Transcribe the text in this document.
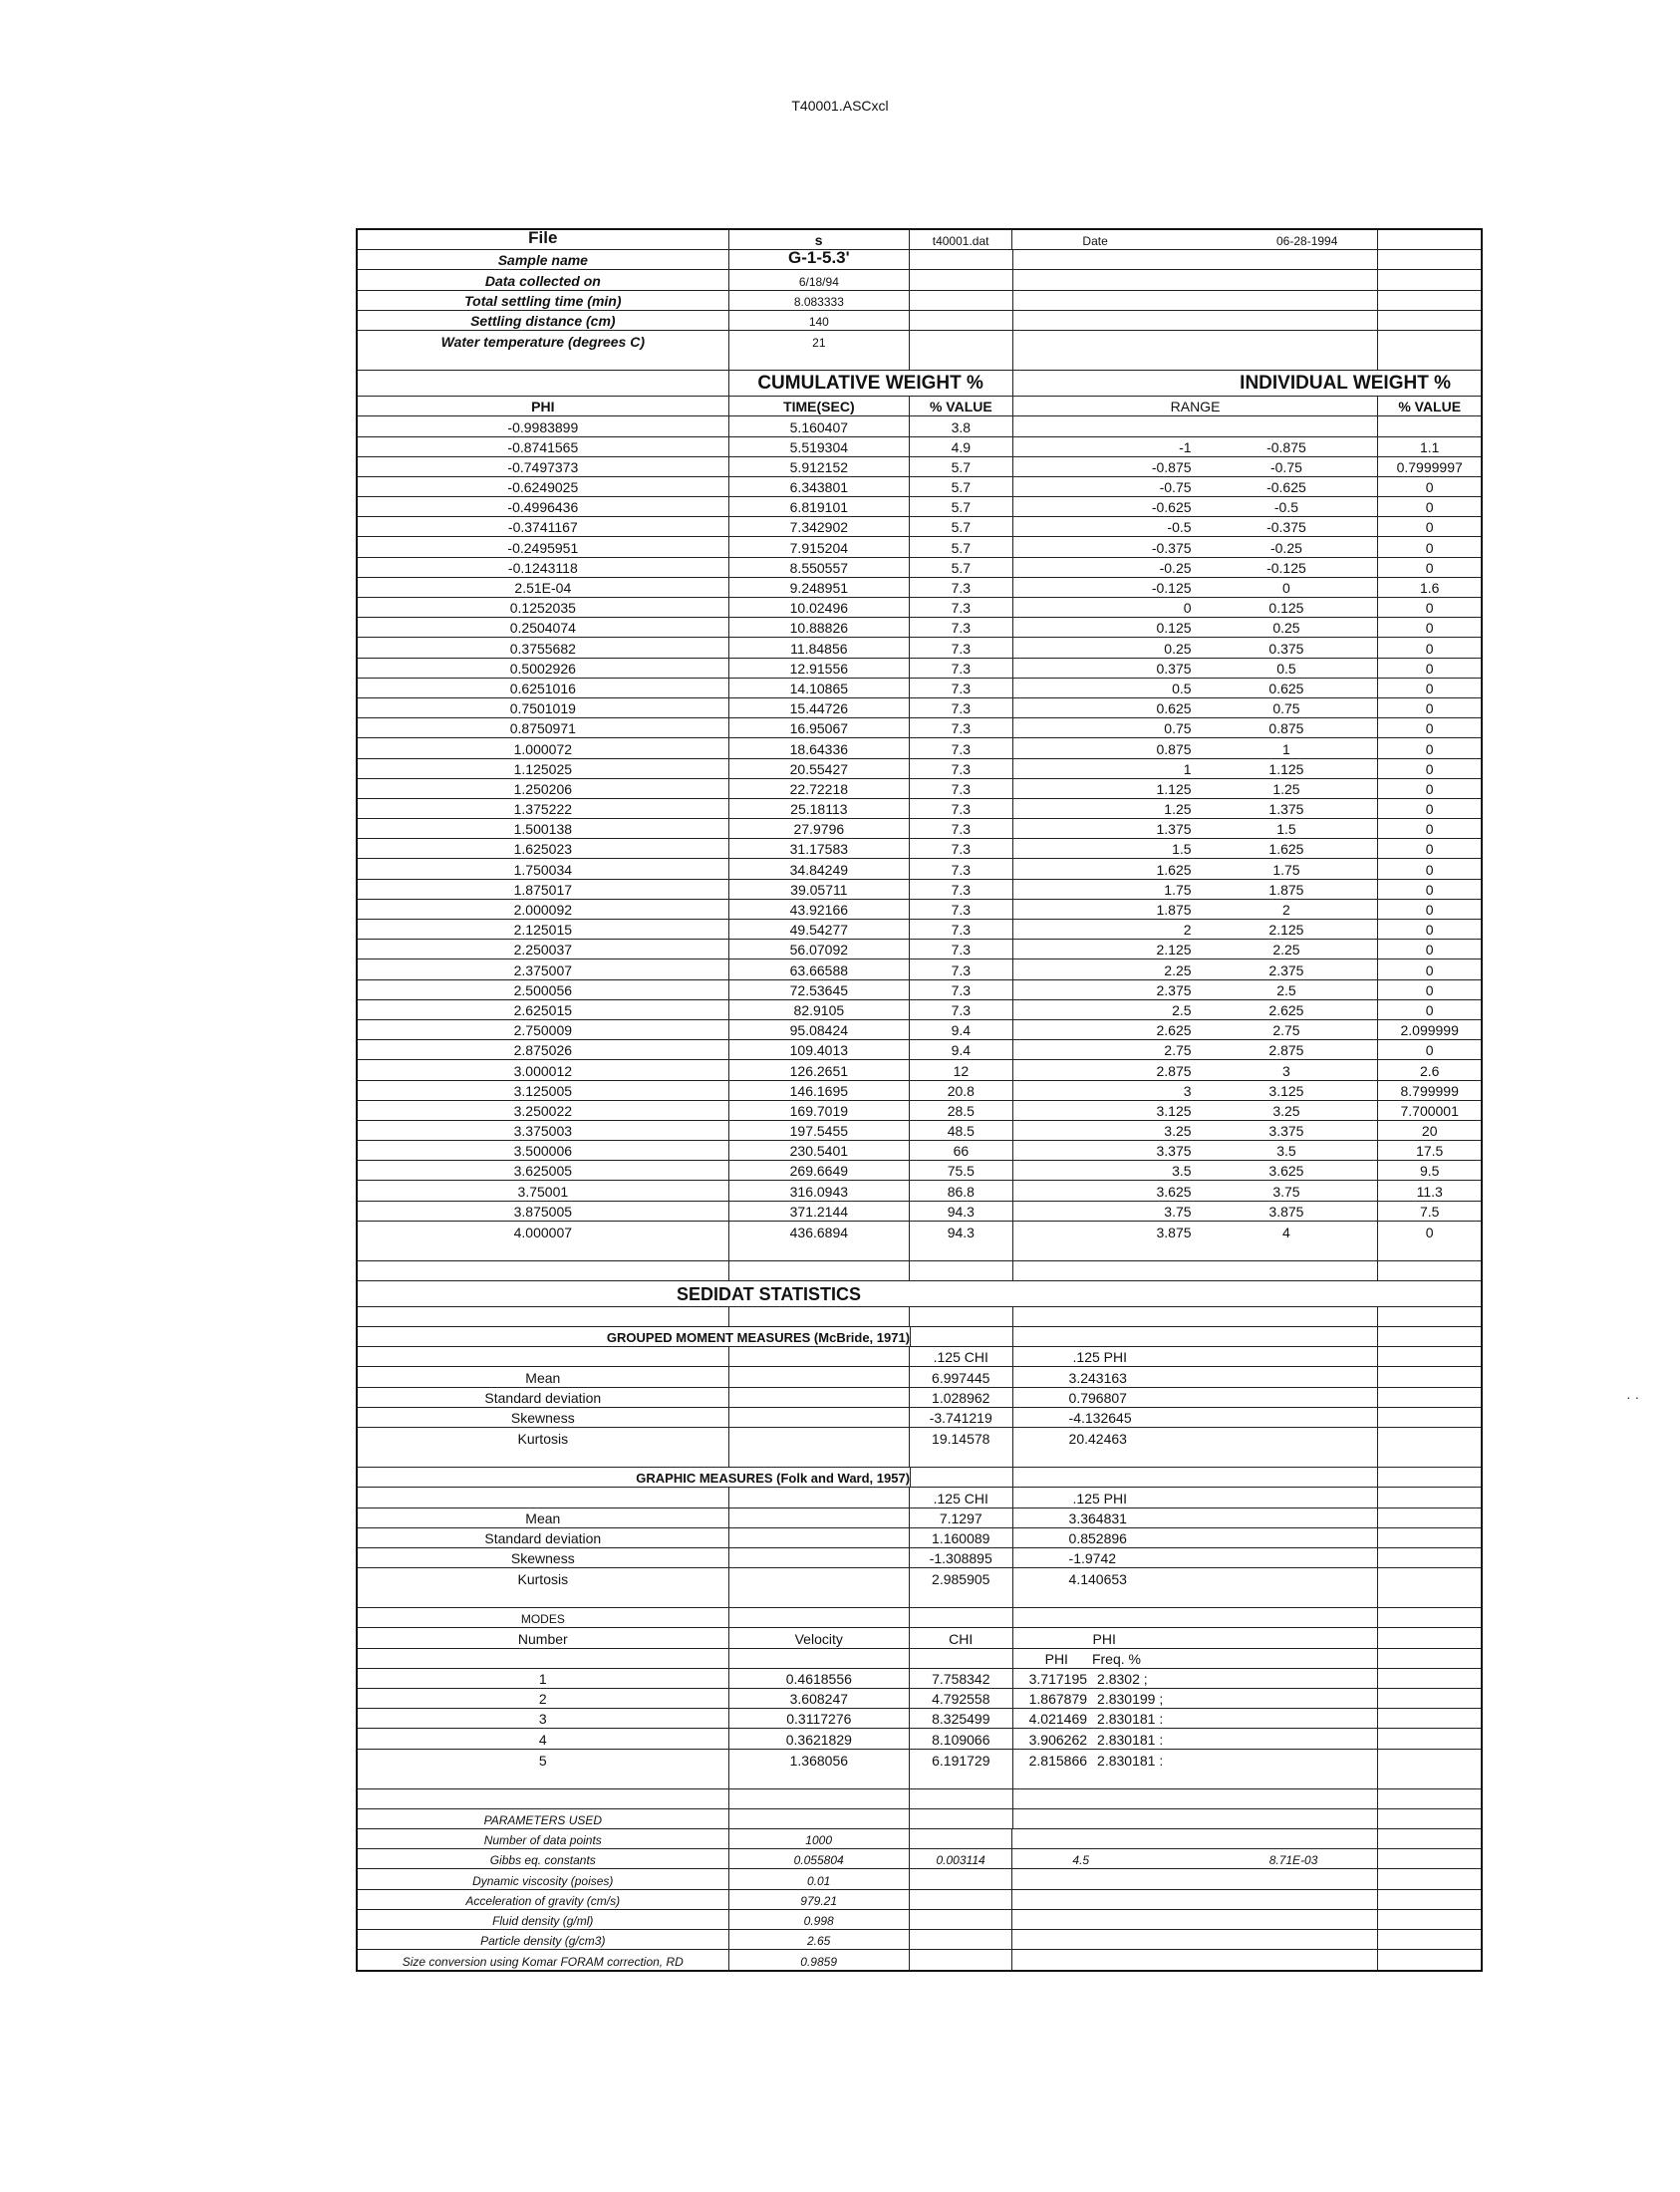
T40001.ASCxcl
File	s	t40001.dat	Date	06-28-1994
Sample name	G-1-5.3'
Data collected on	6/18/94
Total settling time (min)	8.083333
Settling distance (cm)	140
Water temperature (degrees C)	21
CUMULATIVE WEIGHT %	INDIVIDUAL WEIGHT %
PHI	TIME(SEC)	% VALUE	RANGE	% VALUE
-0.9983899	5.160407	3.8
-0.8741565	5.519304	4.9	-1	-0.875	1.1
-0.7497373	5.912152	5.7	-0.875	-0.75	0.7999997
-0.6249025	6.343801	5.7	-0.75	-0.625	0
-0.4996436	6.819101	5.7	-0.625	-0.5	0
-0.3741167	7.342902	5.7	-0.5	-0.375	0
-0.2495951	7.915204	5.7	-0.375	-0.25	0
-0.1243118	8.550557	5.7	-0.25	-0.125	0
2.51E-04	9.248951	7.3	-0.125	0	1.6
0.1252035	10.02496	7.3	0	0.125	0
0.2504074	10.88826	7.3	0.125	0.25	0
0.3755682	11.84856	7.3	0.25	0.375	0
0.5002926	12.91556	7.3	0.375	0.5	0
0.6251016	14.10865	7.3	0.5	0.625	0
0.7501019	15.44726	7.3	0.625	0.75	0
0.8750971	16.95067	7.3	0.75	0.875	0
1.000072	18.64336	7.3	0.875	1	0
1.125025	20.55427	7.3	1	1.125	0
1.250206	22.72218	7.3	1.125	1.25	0
1.375222	25.18113	7.3	1.25	1.375	0
1.500138	27.9796	7.3	1.375	1.5	0
1.625023	31.17583	7.3	1.5	1.625	0
1.750034	34.84249	7.3	1.625	1.75	0
1.875017	39.05711	7.3	1.75	1.875	0
2.000092	43.92166	7.3	1.875	2	0
2.125015	49.54277	7.3	2	2.125	0
2.250037	56.07092	7.3	2.125	2.25	0
2.375007	63.66588	7.3	2.25	2.375	0
2.500056	72.53645	7.3	2.375	2.5	0
2.625015	82.9105	7.3	2.5	2.625	0
2.750009	95.08424	9.4	2.625	2.75	2.099999
2.875026	109.4013	9.4	2.75	2.875	0
3.000012	126.2651	12	2.875	3	2.6
3.125005	146.1695	20.8	3	3.125	8.799999
3.250022	169.7019	28.5	3.125	3.25	7.700001
3.375003	197.5455	48.5	3.25	3.375	20
3.500006	230.5401	66	3.375	3.5	17.5
3.625005	269.6649	75.5	3.5	3.625	9.5
3.75001	316.0943	86.8	3.625	3.75	11.3
3.875005	371.2144	94.3	3.75	3.875	7.5
4.000007	436.6894	94.3	3.875	4	0
SEDIDAT STATISTICS
GROUPED MOMENT MEASURES (McBride, 1971)
.125 CHI	.125 PHI
Mean	6.997445	3.243163
Standard deviation	1.028962	0.796807
Skewness	-3.741219	-4.132645
Kurtosis	19.14578	20.42463
GRAPHIC MEASURES (Folk and Ward, 1957)
.125 CHI	.125 PHI
Mean	7.1297	3.364831
Standard deviation	1.160089	0.852896
Skewness	-1.308895	-1.9742
Kurtosis	2.985905	4.140653
MODES
Number	Velocity	CHI	PHI
PHI Freq. %
1	0.4618556	7.758342	3.717195 2.8302 ;
2	3.608247	4.792558	1.867879 2.830199 ;
3	0.3117276	8.325499	4.021469 2.830181 :
4	0.3621829	8.109066	3.906262 2.830181 :
5	1.368056	6.191729	2.815866 2.830181 :
PARAMETERS USED
Number of data points	1000
Gibbs eq. constants	0.055804	0.003114	4.5	8.71E-03
Dynamic viscosity (poises)	0.01
Acceleration of gravity (cm/s)	979.21
Fluid density (g/ml)	0.998
Particle density (g/cm3)	2.65
Size conversion using Komar FORAM correction, RD	0.9859
· ·
